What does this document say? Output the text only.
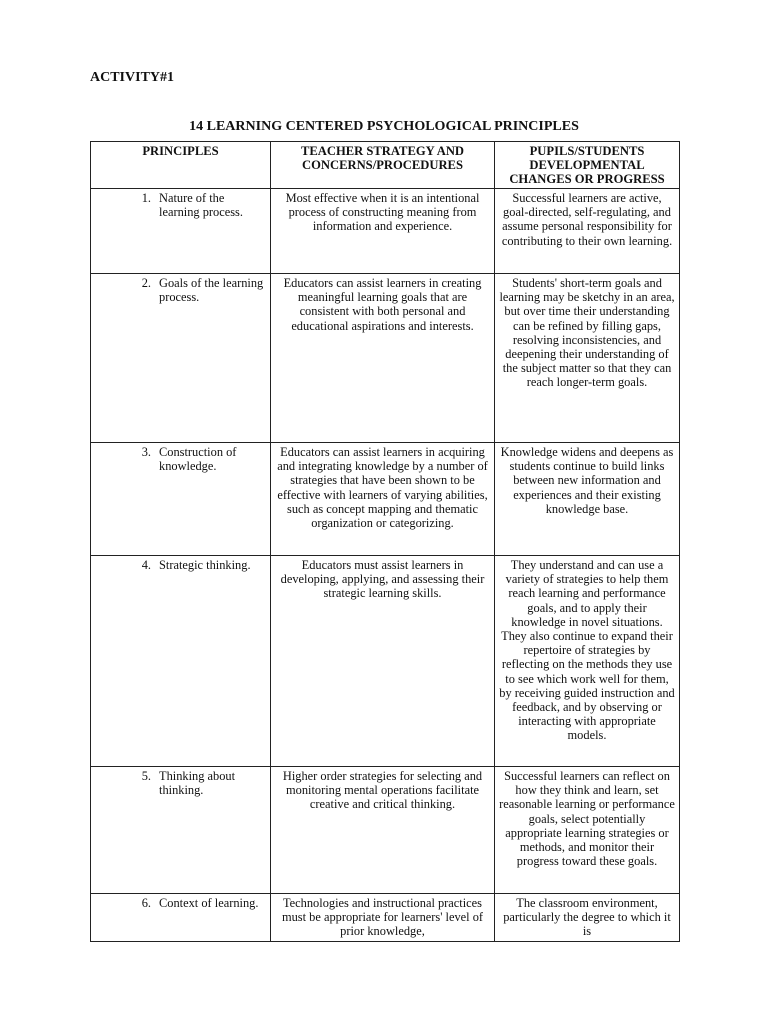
ACTIVITY#1
14 LEARNING CENTERED PSYCHOLOGICAL PRINCIPLES
PRINCIPLES	TEACHER STRATEGY AND CONCERNS/PROCEDURES	PUPILS/STUDENTS DEVELOPMENTAL CHANGES OR PROGRESS

1. Nature of the learning process.	Most effective when it is an intentional process of constructing meaning from information and experience.	Successful learners are active, goal-directed, self-regulating, and assume personal responsibility for contributing to their own learning.

2. Goals of the learning process.	Educators can assist learners in creating meaningful learning goals that are consistent with both personal and educational aspirations and interests.	Students' short-term goals and learning may be sketchy in an area, but over time their understanding can be refined by filling gaps, resolving inconsistencies, and deepening their understanding of the subject matter so that they can reach longer-term goals.

3. Construction of knowledge.	Educators can assist learners in acquiring and integrating knowledge by a number of strategies that have been shown to be effective with learners of varying abilities, such as concept mapping and thematic organization or categorizing.	Knowledge widens and deepens as students continue to build links between new information and experiences and their existing knowledge base.

4. Strategic thinking.	Educators must assist learners in developing, applying, and assessing their strategic learning skills.	They understand and can use a variety of strategies to help them reach learning and performance goals, and to apply their knowledge in novel situations. They also continue to expand their repertoire of strategies by reflecting on the methods they use to see which work well for them, by receiving guided instruction and feedback, and by observing or interacting with appropriate models.

5. Thinking about thinking.	Higher order strategies for selecting and monitoring mental operations facilitate creative and critical thinking.	Successful learners can reflect on how they think and learn, set reasonable learning or performance goals, select potentially appropriate learning strategies or methods, and monitor their progress toward these goals.

6. Context of learning.	Technologies and instructional practices must be appropriate for learners' level of prior knowledge,	The classroom environment, particularly the degree to which it is
